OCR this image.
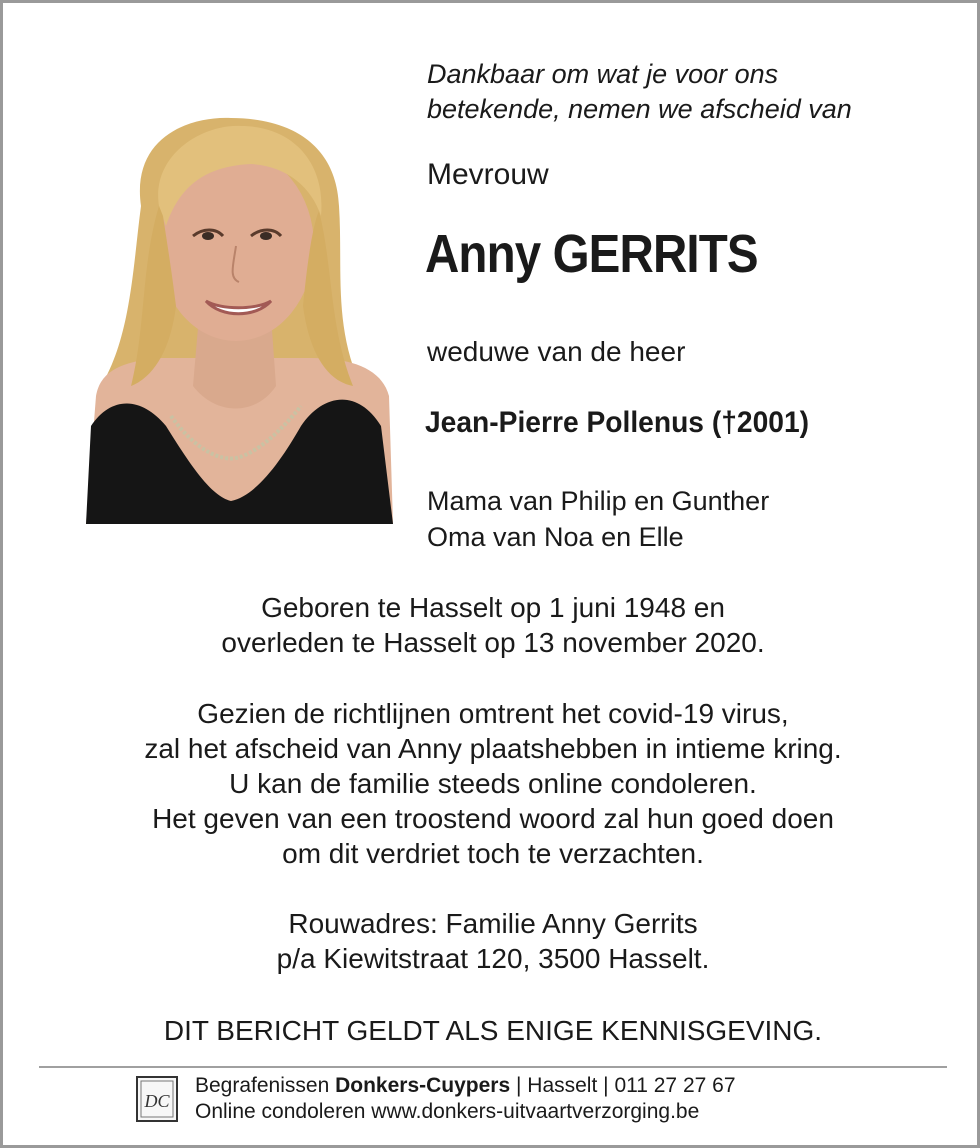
Dankbaar om wat je voor ons
betekende, nemen we afscheid van

Mevrouw

Anny GERRITS

weduwe van de heer

Jean-Pierre Pollenus (†2001)

Mama van Philip en Gunther
Oma van Noa en Elle

Geboren te Hasselt op 1 juni 1948 en
overleden te Hasselt op 13 november 2020.

Gezien de richtlijnen omtrent het covid-19 virus,
zal het afscheid van Anny plaatshebben in intieme kring.
U kan de familie steeds online condoleren.
Het geven van een troostend woord zal hun goed doen
om dit verdriet toch te verzachten.

Rouwadres: Familie Anny Gerrits
p/a Kiewitstraat 120, 3500 Hasselt.

DIT BERICHT GELDT ALS ENIGE KENNISGEVING.

DC

Begrafenissen Donkers-Cuypers | Hasselt | 011 27 27 67
Online condoleren www.donkers-uitvaartverzorging.be
